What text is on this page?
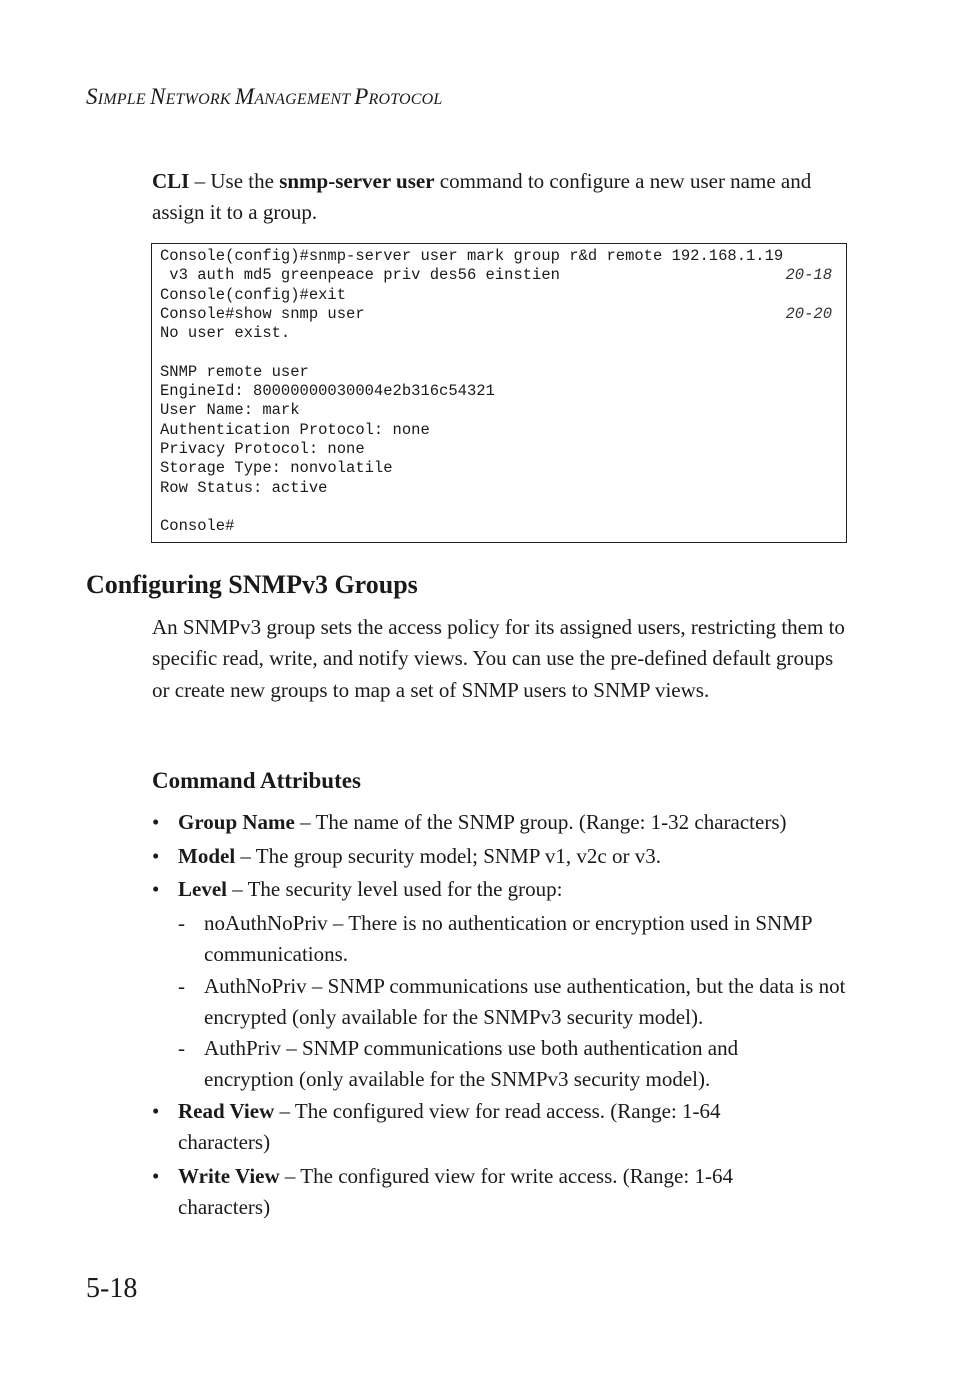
SIMPLE NETWORK MANAGEMENT PROTOCOL

CLI – Use the snmp-server user command to configure a new user name and assign it to a group.

Console(config)#snmp-server user mark group r&d remote 192.168.1.19
v3 auth md5 greenpeace priv des56 einstien
Console(config)#exit
Console#show snmp user
No user exist.
SNMP remote user
EngineId: 80000000030004e2b316c54321
User Name: mark
Authentication Protocol: none
Privacy Protocol: none
Storage Type: nonvolatile
Row Status: active
Console#
20-18
20-20
Configuring SNMPv3 Groups

An SNMPv3 group sets the access policy for its assigned users, restricting them to specific read, write, and notify views. You can use the pre-defined default groups or create new groups to map a set of SNMP users to SNMP views.

Command Attributes
• Group Name – The name of the SNMP group. (Range: 1-32 characters)
• Model – The group security model; SNMP v1, v2c or v3.
• Level – The security level used for the group:
- noAuthNoPriv – There is no authentication or encryption used in SNMP communications.
- AuthNoPriv – SNMP communications use authentication, but the data is not encrypted (only available for the SNMPv3 security model).
- AuthPriv – SNMP communications use both authentication and encryption (only available for the SNMPv3 security model).
• Read View – The configured view for read access. (Range: 1-64 characters)
• Write View – The configured view for write access. (Range: 1-64 characters)
5-18
